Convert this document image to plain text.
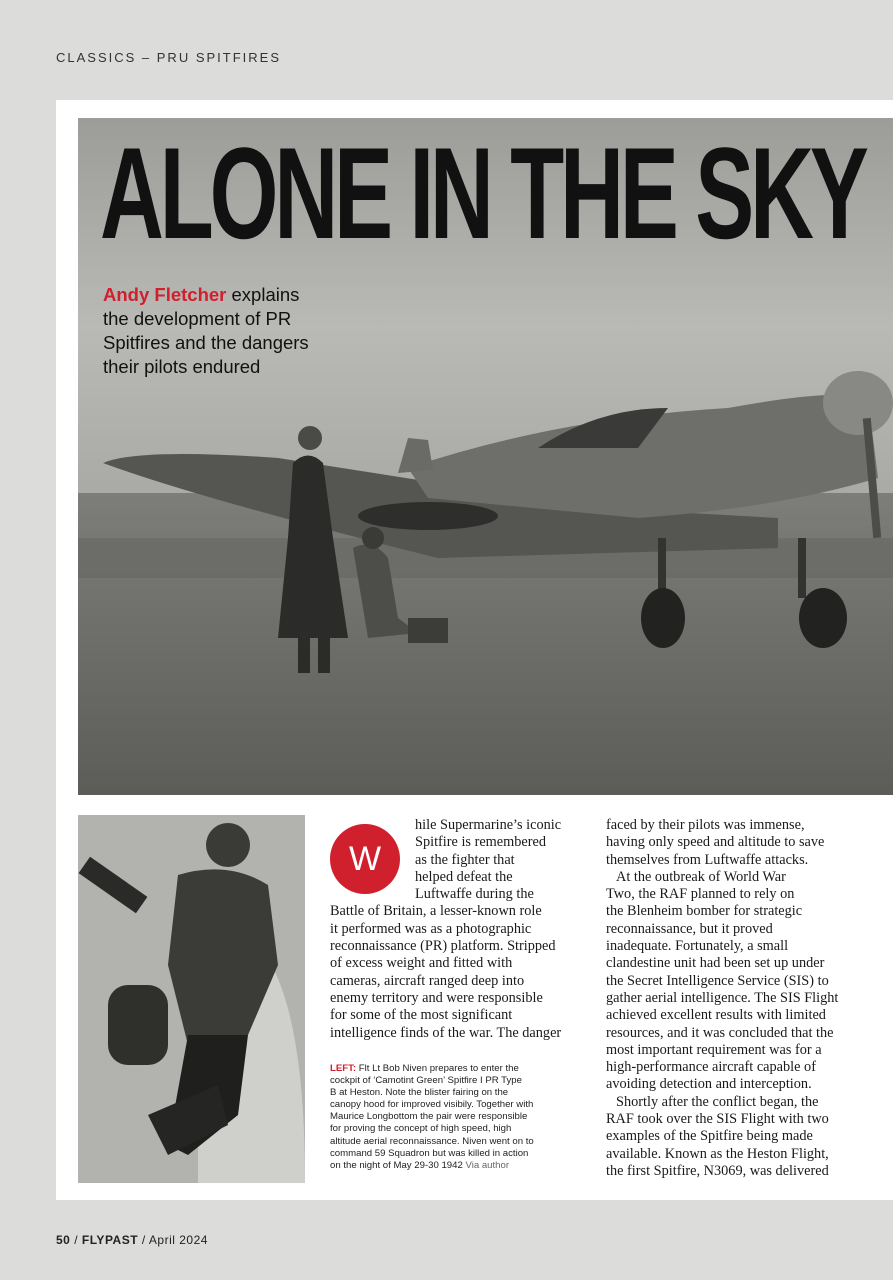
CLASSICS – PRU SPITFIRES
ALONE IN THE SKY
Andy Fletcher explains
the development of PR
Spitfires and the dangers
their pilots endured
W
hile Supermarine’s iconic
Spitfire is remembered
as the fighter that
helped defeat the
Luftwaffe during the
Battle of Britain, a lesser-known role
it performed was as a photographic
reconnaissance (PR) platform. Stripped
of excess weight and fitted with
cameras, aircraft ranged deep into
enemy territory and were responsible
for some of the most significant
intelligence finds of the war. The danger
faced by their pilots was immense,
having only speed and altitude to save
themselves from Luftwaffe attacks.
At the outbreak of World War
Two, the RAF planned to rely on
the Blenheim bomber for strategic
reconnaissance, but it proved
inadequate. Fortunately, a small
clandestine unit had been set up under
the Secret Intelligence Service (SIS) to
gather aerial intelligence. The SIS Flight
achieved excellent results with limited
resources, and it was concluded that the
most important requirement was for a
high-performance aircraft capable of
avoiding detection and interception.
Shortly after the conflict began, the
RAF took over the SIS Flight with two
examples of the Spitfire being made
available. Known as the Heston Flight,
the first Spitfire, N3069, was delivered
LEFT: Flt Lt Bob Niven prepares to enter the
cockpit of ‘Camotint Green’ Spitfire I PR Type
B at Heston. Note the blister fairing on the
canopy hood for improved visibily. Together with
Maurice Longbottom the pair were responsible
for proving the concept of high speed, high
altitude aerial reconnaissance. Niven went on to
command 59 Squadron but was killed in action
on the night of May 29-30 1942 Via author
50 / FLYPAST / April 2024
